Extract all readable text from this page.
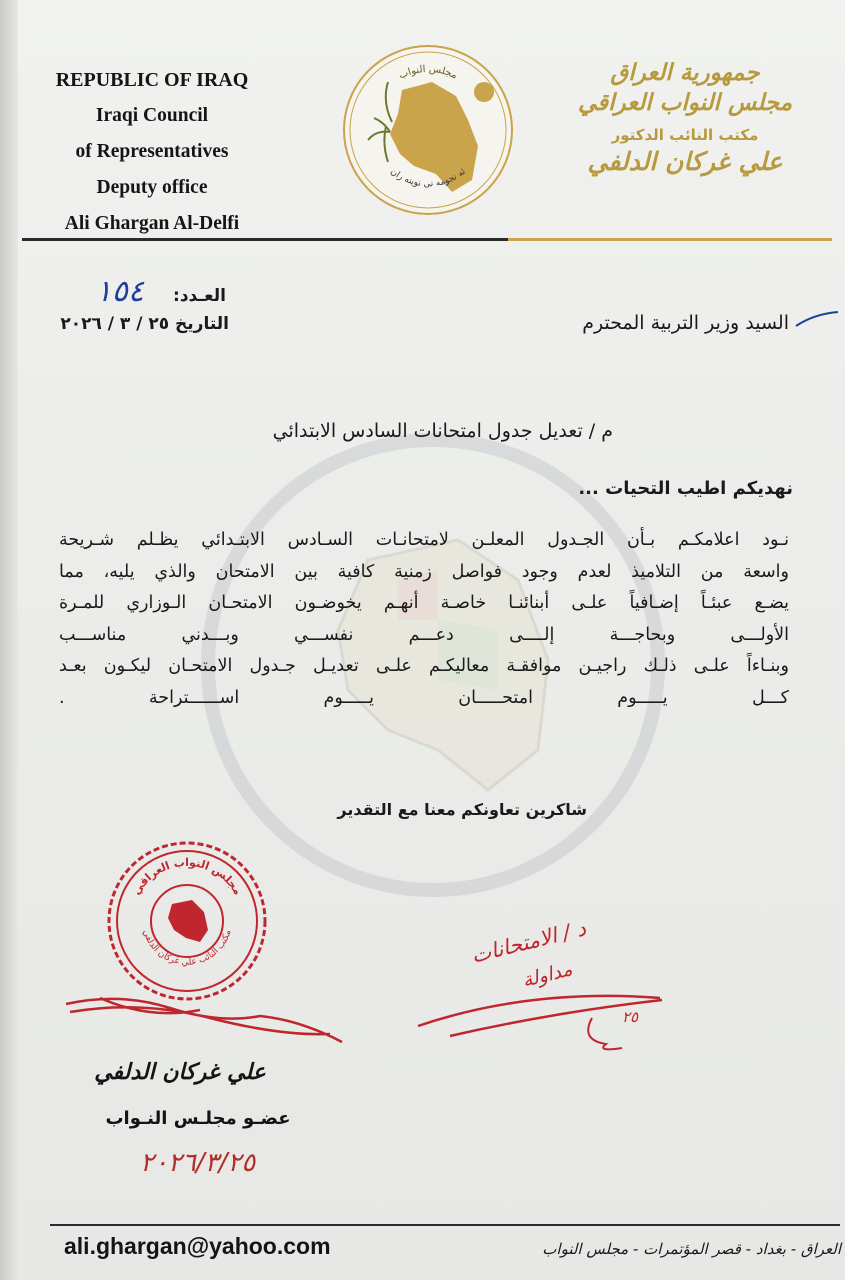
REPUBLIC OF IRAQ
Iraqi Council
of Representatives
Deputy office
Ali Ghargan Al-Delfi
مجلس النواب
ئه نجومه نی نوینه ران
جمهورية العراق
مجلس النواب العراقي
مكتب النائب الدكتور
علي غركان الدلفي
العـدد:
١٥٤
التاريخ ٢٥ / ٣ / ٢٠٢٦	السيد وزير التربية المحترم
م / تعديل جدول امتحانات السادس الابتدائي
نهديكم اطيب التحيات ...

نـود اعلامكـم بـأن الجـدول المعلـن لامتحانـات السـادس الابتـدائي يظـلم شـريحة

واسعة من التلاميذ لعدم وجود فواصل زمنية كافية بين الامتحان والذي يليه، مما

يضـع عبئـاً إضـافياً علـى أبنائنـا خاصـة أنهـم يخوضـون الامتحـان الـوزاري للمـرة

الأولـــى وبحاجـــة إلــــى دعـــم نفســـي وبـــدني مناســـب

وبنـاءاً علـى ذلـك راجيـن موافقـة معاليكـم علـى تعديـل جـدول الامتحـان ليكـون بعـد

كـــل يـــــوم امتحـــــان يـــــوم اســــــتراحة .

شاكرين تعاونكم معنا مع التقدير
مجلس النواب العراقي
مكتب النائب علي غركان الدلفي	د / الامتحانات
مداولة
٢٥
علي غركان الدلفي
عضـو مجلـس النـواب
٢٠٢٦/٣/٢٥
ali.ghargan@yahoo.com	العراق - بغداد - قصر المؤتمرات - مجلس النواب
